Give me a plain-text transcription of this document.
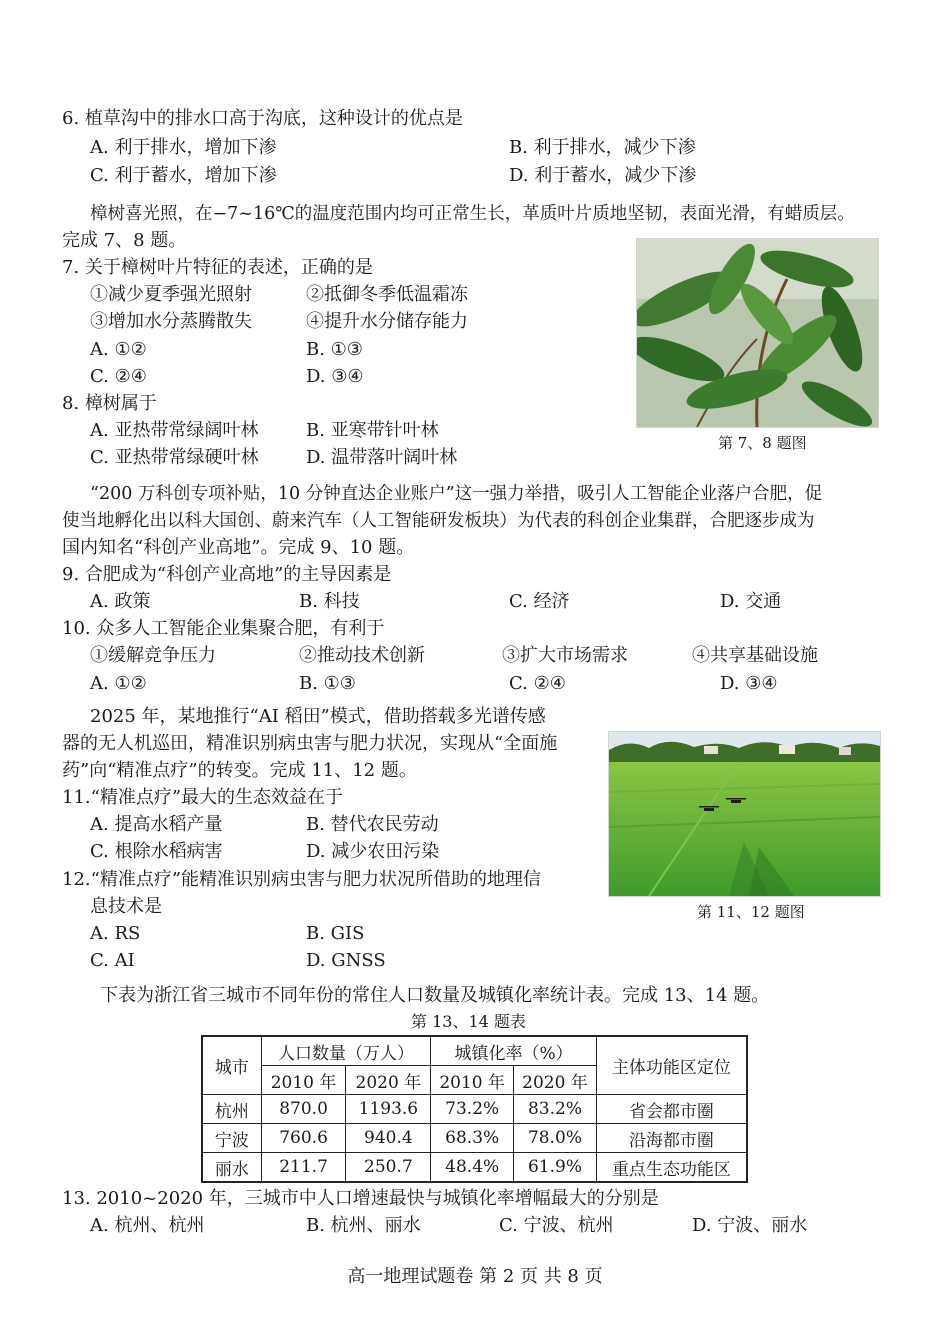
6. 植草沟中的排水口高于沟底，这种设计的优点是
A. 利于排水，增加下渗	B. 利于排水，减少下渗
C. 利于蓄水，增加下渗	D. 利于蓄水，减少下渗
樟树喜光照，在−7~16℃的温度范围内均可正常生长，革质叶片质地坚韧，表面光滑，有蜡质层。
完成 7、8 题。
7. 关于樟树叶片特征的表述，正确的是
①减少夏季强光照射	②抵御冬季低温霜冻
③增加水分蒸腾散失	④提升水分储存能力
A. ①②	B. ①③
C. ②④	D. ③④
8. 樟树属于
A. 亚热带常绿阔叶林	B. 亚寒带针叶林
C. 亚热带常绿硬叶林	D. 温带落叶阔叶林
第 7、8 题图
“200 万科创专项补贴，10 分钟直达企业账户”这一强力举措，吸引人工智能企业落户合肥，促
使当地孵化出以科大国创、蔚来汽车（人工智能研发板块）为代表的科创企业集群，合肥逐步成为
国内知名“科创产业高地”。完成 9、10 题。
9. 合肥成为“科创产业高地”的主导因素是
A. 政策	B. 科技	C. 经济	D. 交通
10. 众多人工智能企业集聚合肥，有利于
①缓解竞争压力	②推动技术创新	③扩大市场需求	④共享基础设施
A. ①②	B. ①③	C. ②④	D. ③④
2025 年，某地推行“AI 稻田”模式，借助搭载多光谱传感
器的无人机巡田，精准识别病虫害与肥力状况，实现从“全面施
药”向“精准点疗”的转变。完成 11、12 题。
11.“精准点疗”最大的生态效益在于
A. 提高水稻产量	B. 替代农民劳动
C. 根除水稻病害	D. 减少农田污染
12.“精准点疗”能精准识别病虫害与肥力状况所借助的地理信
息技术是
A. RS	B. GIS
C. AI	D. GNSS
第 11、12 题图
下表为浙江省三城市不同年份的常住人口数量及城镇化率统计表。完成 13、14 题。
第 13、14 题表
城市	人口数量（万人）		城镇化率（%）		主体功能区定位
	2010 年	2020 年	2010 年	2020 年	
杭州	870.0	1193.6	73.2%	83.2%	省会都市圈
宁波	760.6	940.4	68.3%	78.0%	沿海都市圈
丽水	211.7	250.7	48.4%	61.9%	重点生态功能区
13. 2010~2020 年，三城市中人口增速最快与城镇化率增幅最大的分别是
A. 杭州、杭州	B. 杭州、丽水	C. 宁波、杭州	D. 宁波、丽水
高一地理试题卷 第 2 页 共 8 页
